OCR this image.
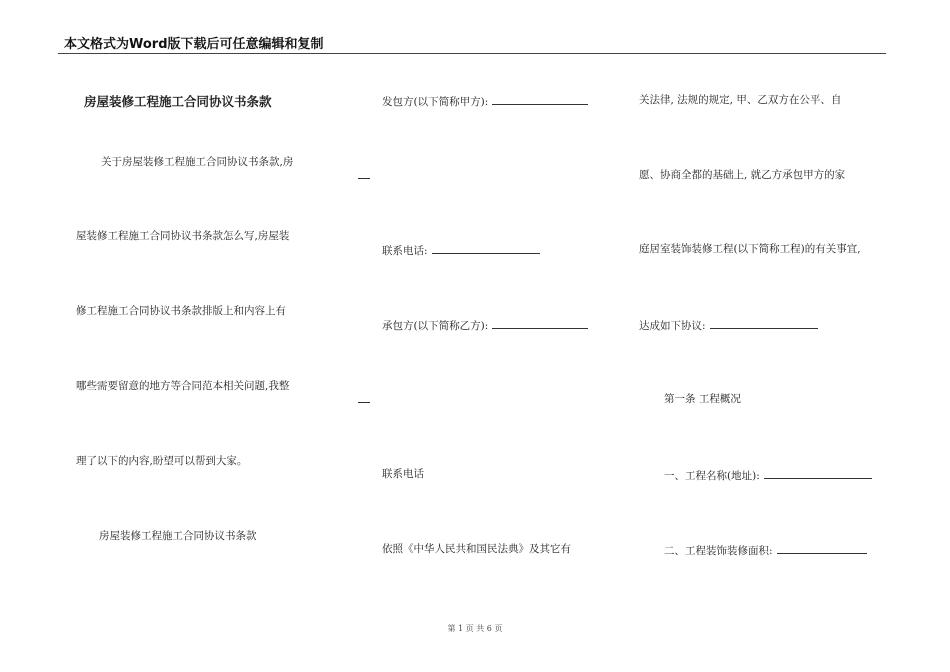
本文格式为Word版下载后可任意编辑和复制
房屋装修工程施工合同协议书条款
关于房屋装修工程施工合同协议书条款,房
屋装修工程施工合同协议书条款怎么写,房屋装
修工程施工合同协议书条款排版上和内容上有
哪些需要留意的地方等合同范本相关问题,我整
理了以下的内容,盼望可以帮到大家。
房屋装修工程施工合同协议书条款
发包方(以下简称甲方):
联系电话:
承包方(以下简称乙方):
联系电话
依照《中华人民共和国民法典》及其它有
关法律, 法规的规定, 甲、乙双方在公平、自
愿、协商全都的基础上, 就乙方承包甲方的家
庭居室装饰装修工程(以下简称工程)的有关事宜,
达成如下协议:
第一条 工程概况
一、工程名称(地址):
二、工程装饰装修面积:
第 1 页 共 6 页
